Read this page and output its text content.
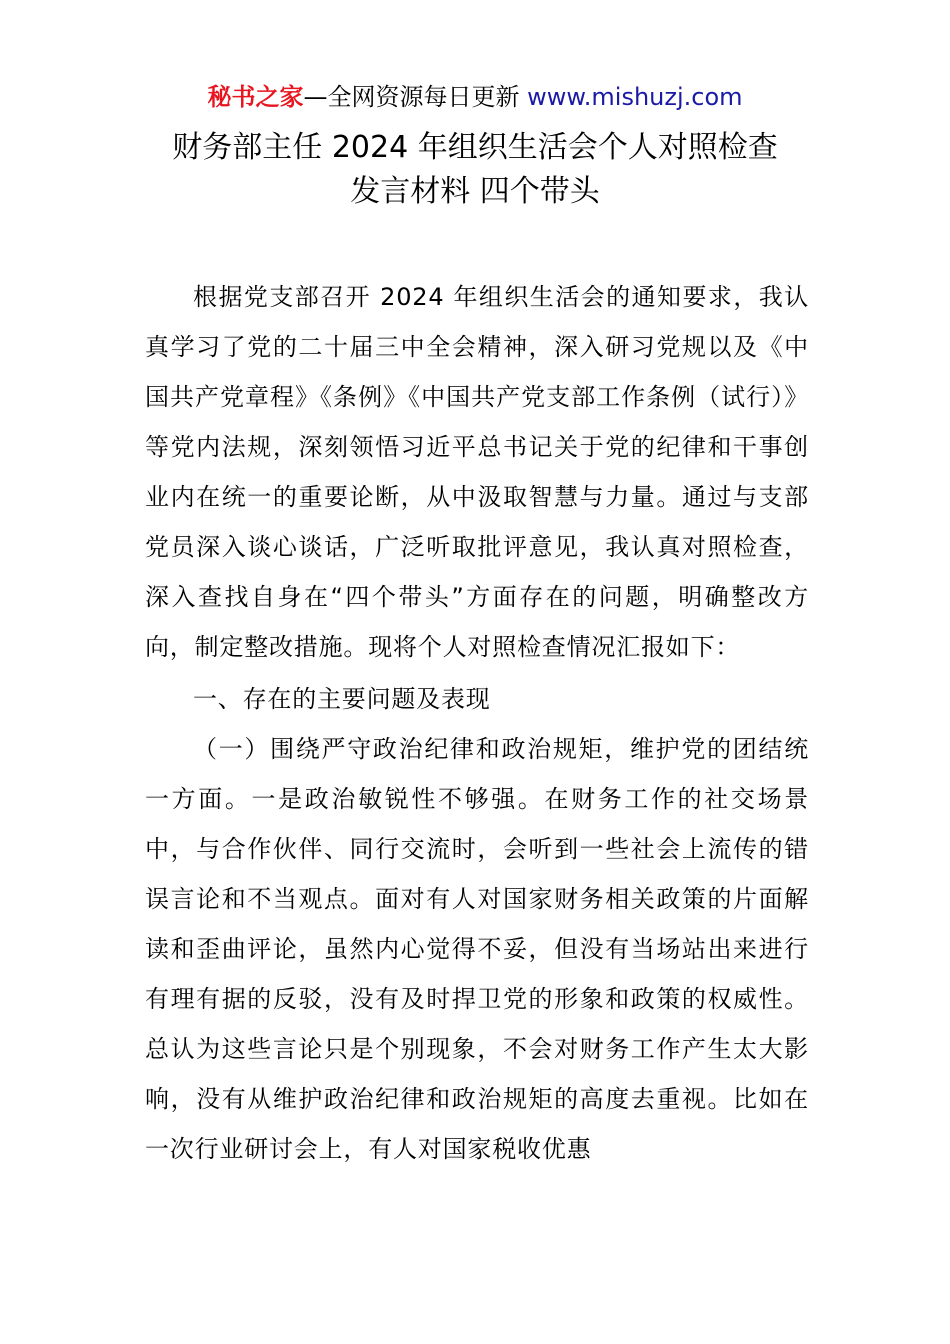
秘书之家—全网资源每日更新 www.mishuzj.com
财务部主任 2024 年组织生活会个人对照检查
发言材料 四个带头

根据党支部召开 2024 年组织生活会的通知要求，我认真学习了党的二十届三中全会精神，深入研习党规以及《中国共产党章程》《条例》《中国共产党支部工作条例（试行）》等党内法规，深刻领悟习近平总书记关于党的纪律和干事创业内在统一的重要论断，从中汲取智慧与力量。通过与支部党员深入谈心谈话，广泛听取批评意见，我认真对照检查，深入查找自身在“四个带头”方面存在的问题，明确整改方向，制定整改措施。现将个人对照检查情况汇报如下：

一、存在的主要问题及表现

（一）围绕严守政治纪律和政治规矩，维护党的团结统一方面。一是政治敏锐性不够强。在财务工作的社交场景中，与合作伙伴、同行交流时，会听到一些社会上流传的错误言论和不当观点。面对有人对国家财务相关政策的片面解读和歪曲评论，虽然内心觉得不妥，但没有当场站出来进行有理有据的反驳，没有及时捍卫党的形象和政策的权威性。总认为这些言论只是个别现象，不会对财务工作产生太大影响，没有从维护政治纪律和政治规矩的高度去重视。比如在一次行业研讨会上，有人对国家税收优惠
